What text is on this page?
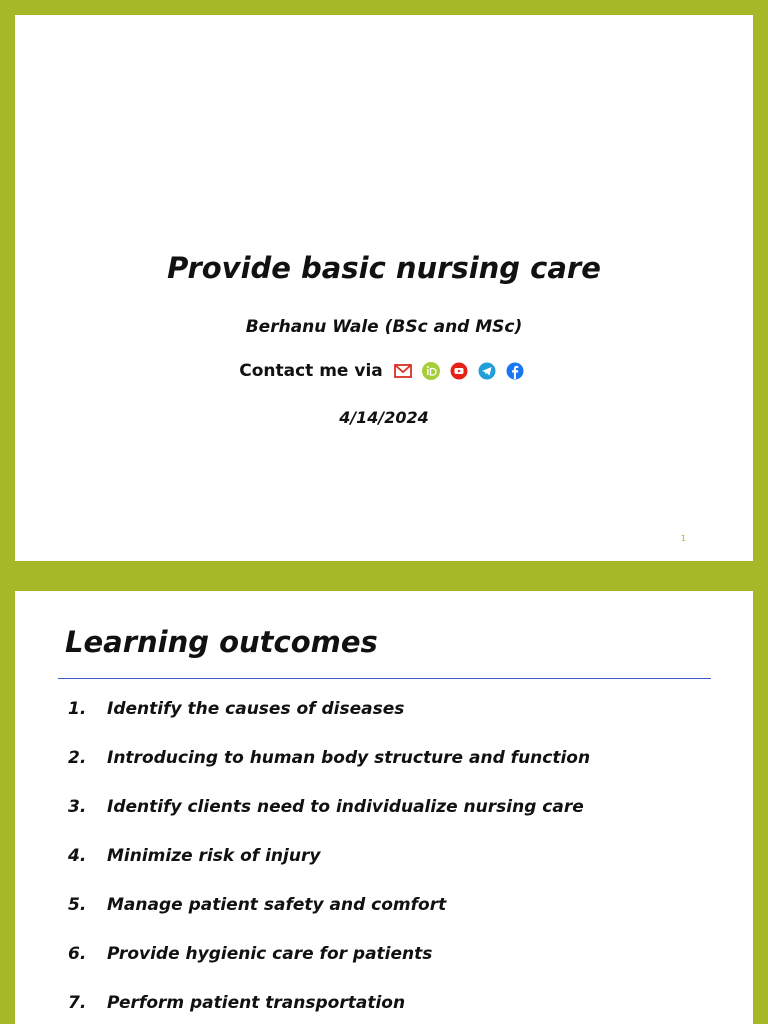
Provide basic nursing care
Berhanu Wale (BSc and MSc)
Contact me via
4/14/2024
1
Learning outcomes
1. Identify the causes of diseases
2. Introducing to human body structure and function
3. Identify clients need to individualize nursing care
4. Minimize risk of injury
5. Manage patient safety and comfort
6. Provide hygienic care for patients
7. Perform patient transportation
